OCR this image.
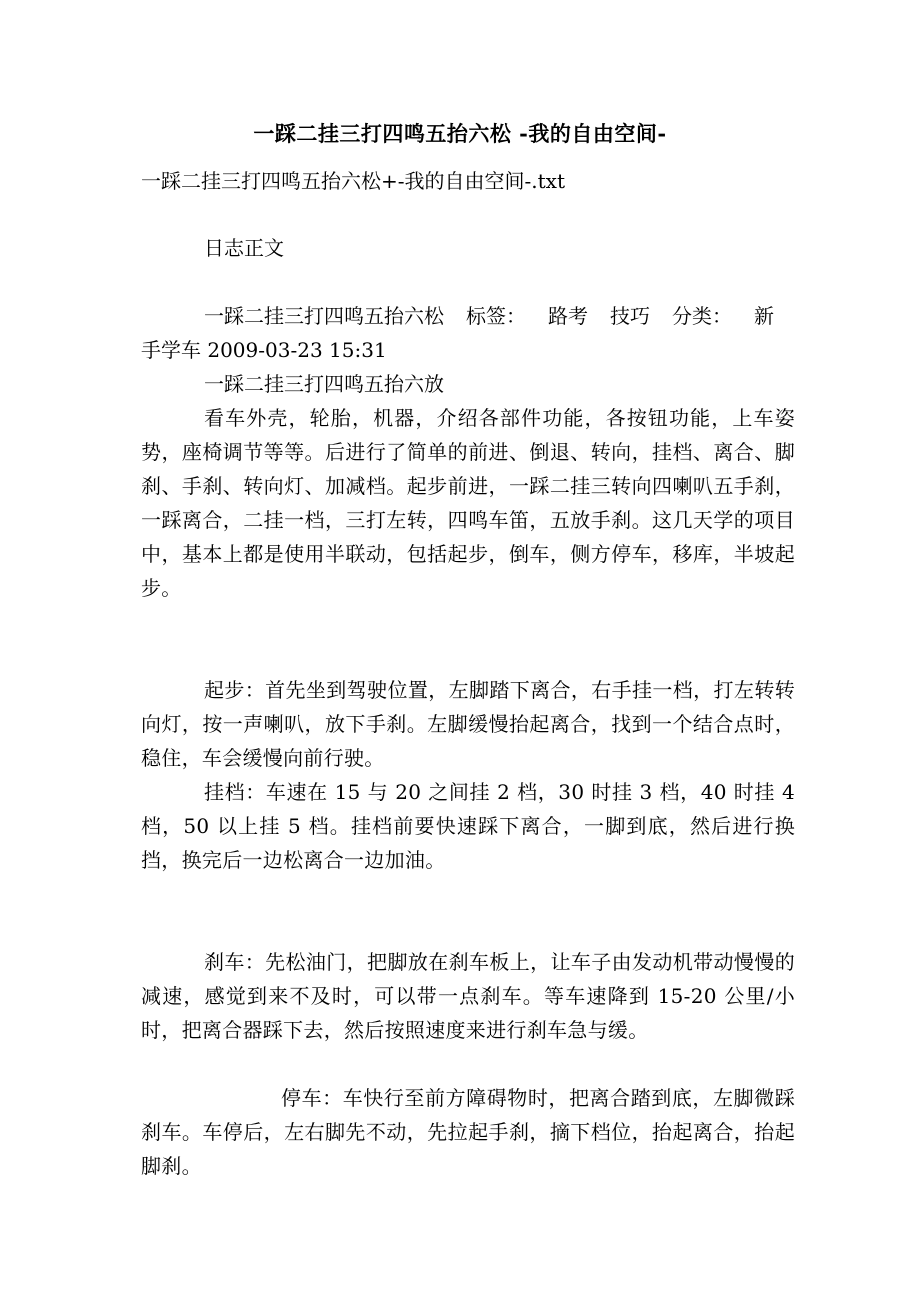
一踩二挂三打四鸣五抬六松 -我的自由空间-
一踩二挂三打四鸣五抬六松+-我的自由空间-.txt
日志正文
一踩二挂三打四鸣五抬六松 标签： 路考 技巧 分类： 新手学车 2009-03-23 15:31
一踩二挂三打四鸣五抬六放

看车外壳，轮胎，机器，介绍各部件功能，各按钮功能，上车姿势，座椅调节等等。后进行了简单的前进、倒退、转向，挂档、离合、脚刹、手刹、转向灯、加减档。起步前进，一踩二挂三转向四喇叭五手刹，一踩离合，二挂一档，三打左转，四鸣车笛，五放手刹。这几天学的项目中，基本上都是使用半联动，包括起步，倒车，侧方停车，移库，半坡起步。

起步：首先坐到驾驶位置，左脚踏下离合，右手挂一档，打左转转向灯，按一声喇叭，放下手刹。左脚缓慢抬起离合，找到一个结合点时，稳住，车会缓慢向前行驶。

挂档：车速在 15 与 20 之间挂 2 档，30 时挂 3 档，40 时挂 4 档，50 以上挂 5 档。挂档前要快速踩下离合，一脚到底，然后进行换挡，换完后一边松离合一边加油。

刹车：先松油门，把脚放在刹车板上，让车子由发动机带动慢慢的减速，感觉到来不及时，可以带一点刹车。等车速降到 15-20 公里/小时，把离合器踩下去，然后按照速度来进行刹车急与缓。

停车：车快行至前方障碍物时，把离合踏到底，左脚微踩刹车。车停后，左右脚先不动，先拉起手刹，摘下档位，抬起离合，抬起脚刹。
